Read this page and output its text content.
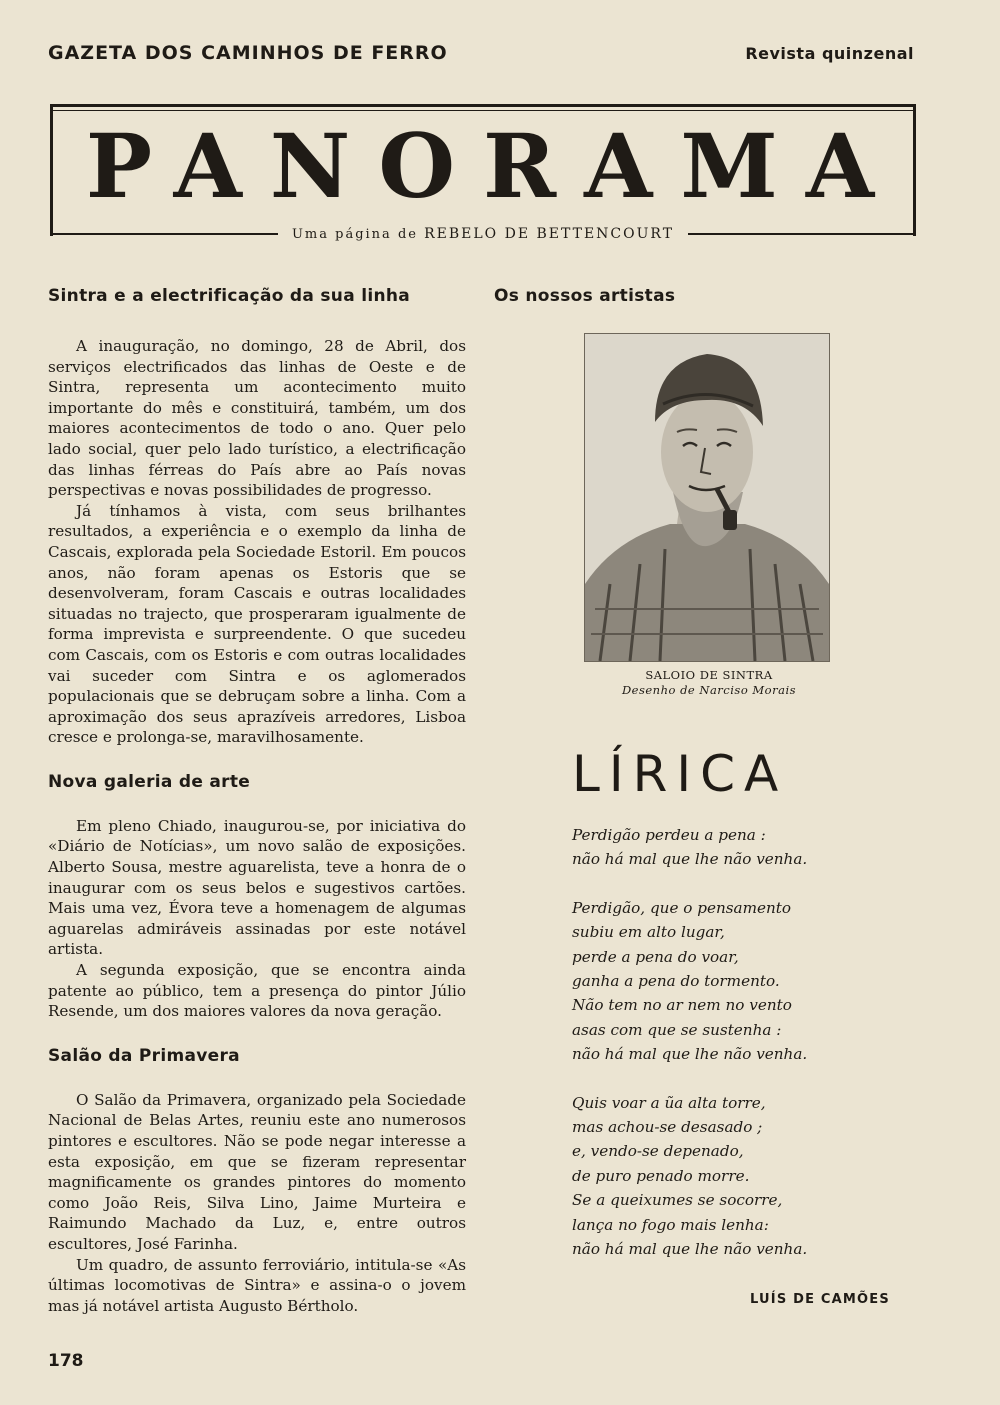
GAZETA DOS CAMINHOS DE FERRO	Revista quinzenal
PANORAMA
Uma página de REBELO DE BETTENCOURT
Sintra e a electrificação da sua linha

A inauguração, no domingo, 28 de Abril, dos serviços electrificados das linhas de Oeste e de Sintra, representa um acontecimento muito importante do mês e constituirá, também, um dos maiores acontecimentos de todo o ano. Quer pelo lado social, quer pelo lado turístico, a electrificação das linhas férreas do País abre ao País novas perspectivas e novas possibilidades de progresso.

Já tínhamos à vista, com seus brilhantes resultados, a experiência e o exemplo da linha de Cascais, explorada pela Sociedade Estoril. Em poucos anos, não foram apenas os Estoris que se desenvolveram, foram Cascais e outras localidades situadas no trajecto, que prosperaram igualmente de forma imprevista e surpreendente. O que sucedeu com Cascais, com os Estoris e com outras localidades vai suceder com Sintra e os aglomerados populacionais que se debruçam sobre a linha. Com a aproximação dos seus aprazíveis arredores, Lisboa cresce e prolonga-se, maravilhosamente.

Nova galeria de arte

Em pleno Chiado, inaugurou-se, por iniciativa do «Diário de Notícias», um novo salão de exposições. Alberto Sousa, mestre aguarelista, teve a honra de o inaugurar com os seus belos e sugestivos cartões. Mais uma vez, Évora teve a homenagem de algumas aguarelas admiráveis assinadas por este notável artista.

A segunda exposição, que se encontra ainda patente ao público, tem a presença do pintor Júlio Resende, um dos maiores valores da nova geração.

Salão da Primavera

O Salão da Primavera, organizado pela Sociedade Nacional de Belas Artes, reuniu este ano numerosos pintores e escultores. Não se pode negar interesse a esta exposição, em que se fizeram representar magnificamente os grandes pintores do momento como João Reis, Silva Lino, Jaime Murteira e Raimundo Machado da Luz, e, entre outros escultores, José Farinha.

Um quadro, de assunto ferroviário, intitula-se «As últimas locomotivas de Sintra» e assina-o o jovem mas já notável artista Augusto Bértholo.

Os nossos artistas
SALOIO DE SINTRA
Desenho de Narciso Morais
LÍRICA
Perdigão perdeu a pena :
não há mal que lhe não venha.
Perdigão, que o pensamento
subiu em alto lugar,
perde a pena do voar,
ganha a pena do tormento.
Não tem no ar nem no vento
asas com que se sustenha :
não há mal que lhe não venha.
Quis voar a ũa alta torre,
mas achou-se desasado ;
e, vendo-se depenado,
de puro penado morre.
Se a queixumes se socorre,
lança no fogo mais lenha:
não há mal que lhe não venha.
LUÍS DE CAMÕES
178
